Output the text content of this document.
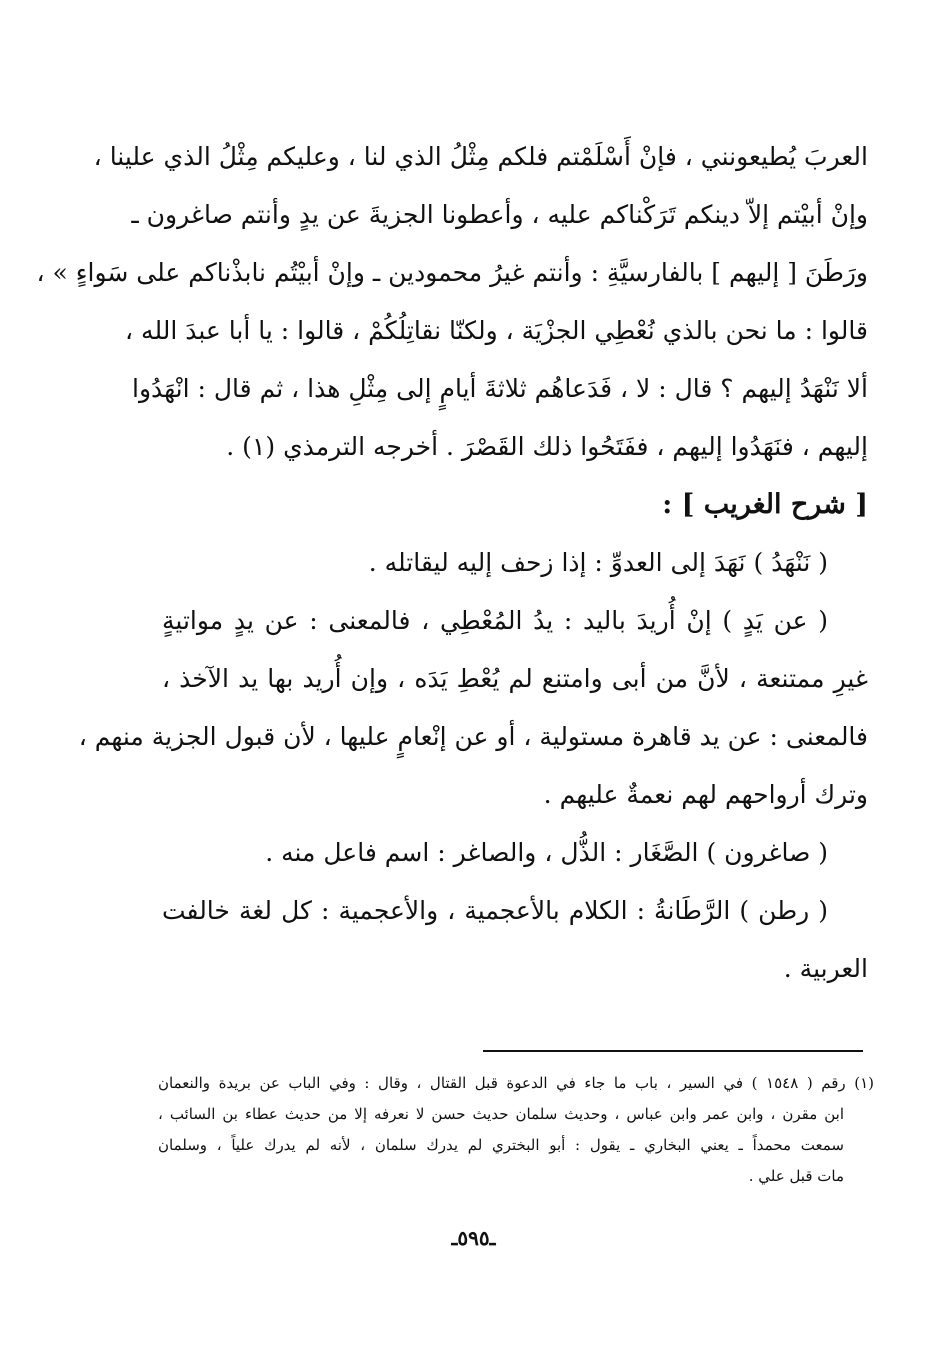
العربَ يُطيعونني ، فإنْ أَسْلَمْتم فلكم مِثْلُ الذي لنا ، وعليكم مِثْلُ الذي علينا ،
وإنْ أبيْتم إلاّ دينكم تَرَكْناكم عليه ، وأعطونا الجزيةَ عن يدٍ وأنتم صاغرون ـ
ورَطَنَ [ إليهم ] بالفارسيَّةِ : وأنتم غيرُ محمودين ـ وإنْ أبيْتُم نابذْناكم على سَواءٍ » ،
قالوا : ما نحن بالذي نُعْطِي الجزْيَة ، ولكنّا نقاتِلُكُمْ ، قالوا : يا أبا عبدَ الله ،
ألا نَنْهَدُ إليهم ؟ قال : لا ، فَدَعاهُم ثلاثةَ أيامٍ إلى مِثْلِ هذا ، ثم قال : انْهَدُوا
إليهم ، فنَهَدُوا إليهم ، ففَتَحُوا ذلك القَصْرَ . أخرجه الترمذي (١) .
[ شرح الغريب ] :
( نَنْهَدُ ) نَهَدَ إلى العدوِّ : إذا زحف إليه ليقاتله .
( عن يَدٍ ) إنْ أُريدَ باليد : يدُ المُعْطِي ، فالمعنى : عن يدٍ مواتيةٍ
غيرِ ممتنعة ، لأنَّ من أبى وامتنع لم يُعْطِ يَدَه ، وإن أُريد بها يد الآخذ ،
فالمعنى : عن يد قاهرة مستولية ، أو عن إنْعامٍ عليها ، لأن قبول الجزية منهم ،
وترك أرواحهم لهم نعمةٌ عليهم .
( صاغرون ) الصَّغَار : الذُّل ، والصاغر : اسم فاعل منه .
( رطن ) الرَّطَانةُ : الكلام بالأعجمية ، والأعجمية : كل لغة خالفت
العربية .
(١) رقم ( ١٥٤٨ ) في السير ، باب ما جاء في الدعوة قبل القتال ، وقال : وفي الباب عن بريدة والنعمان
ابن مقرن ، وابن عمر وابن عباس ، وحديث سلمان حديث حسن لا نعرفه إلا من حديث عطاء بن السائب ،
سمعت محمداً ـ يعني البخاري ـ يقول : أبو البختري لم يدرك سلمان ، لأنه لم يدرك علياً ، وسلمان
مات قبل علي .
ـ٥٩٥ـ
